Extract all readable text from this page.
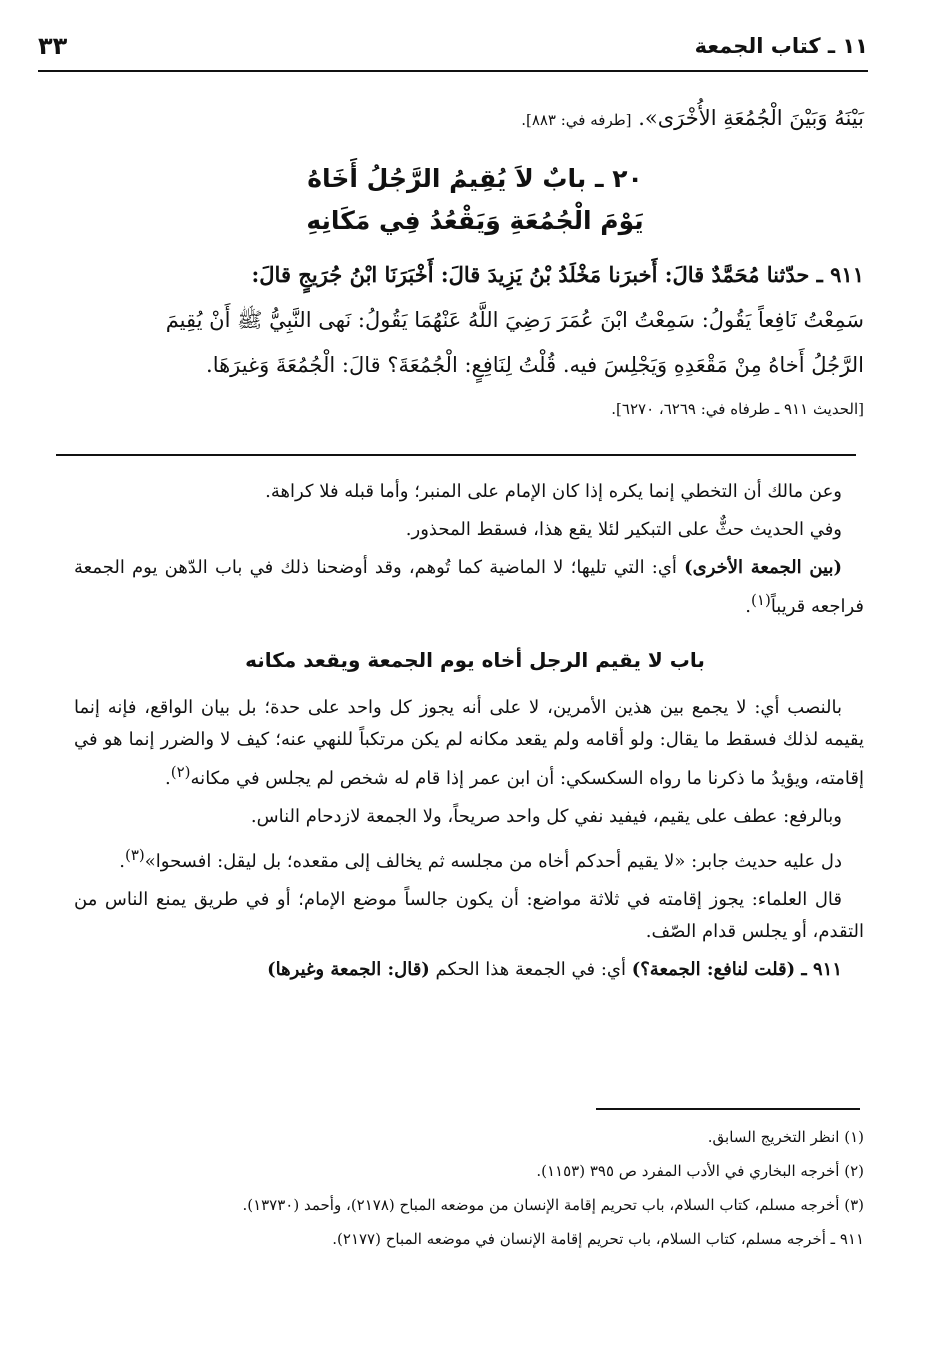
١١ ـ كتاب الجمعة
٣٣
بَيْنَهُ وَبَيْنَ الْجُمُعَةِ الأُخْرَى». [طرفه في: ٨٨٣].
٢٠ ـ بابٌ لاَ يُقِيمُ الرَّجُلُ أَخَاهُ
يَوْمَ الْجُمُعَةِ وَيَقْعُدُ فِي مَكَانِهِ
٩١١ ـ حدّثنا مُحَمَّدٌ قالَ: أَخبرَنا مَخْلَدُ بْنُ يَزِيدَ قالَ: أَخْبَرَنَا ابْنُ جُرَيجٍ قالَ:
سَمِعْتُ نَافِعاً يَقُولُ: سَمِعْتُ ابْنَ عُمَرَ رَضِيَ اللَّهُ عَنْهُمَا يَقُولُ: نَهى النَّبِيُّ ﷺ أَنْ يُقِيمَ
الرَّجُلُ أَخاهُ مِنْ مَقْعَدِهِ وَيَجْلِسَ فيه. قُلْتُ لِنَافِعٍ: الْجُمُعَةَ؟ قالَ: الْجُمُعَةَ وَغيرَهَا.
[الحديث ٩١١ ـ طرفاه في: ٦٢٦٩، ٦٢٧٠].

وعن مالك أن التخطي إنما يكره إذا كان الإمام على المنبر؛ وأما قبله فلا كراهة.

وفي الحديث حثٌّ على التبكير لئلا يقع هذا، فسقط المحذور.

(بين الجمعة الأخرى) أي: التي تليها؛ لا الماضية كما تُوهم، وقد أوضحنا ذلك في باب الدّهن يوم الجمعة فراجعه قريباً$^{(١)}$.

باب لا يقيم الرجل أخاه يوم الجمعة ويقعد مكانه

بالنصب أي: لا يجمع بين هذين الأمرين، لا على أنه يجوز كل واحد على حدة؛ بل بيان الواقع، فإنه إنما يقيمه لذلك فسقط ما يقال: ولو أقامه ولم يقعد مكانه لم يكن مرتكباً للنهي عنه؛ كيف لا والضرر إنما هو في إقامته، ويؤيدُ ما ذكرنا ما رواه السكسكي: أن ابن عمر إذا قام له شخص لم يجلس في مكانه$^{(٢)}$.

وبالرفع: عطف على يقيم، فيفيد نفي كل واحد صريحاً، ولا الجمعة لازدحام الناس.

دل عليه حديث جابر: «لا يقيم أحدكم أخاه من مجلسه ثم يخالف إلى مقعده؛ بل ليقل: افسحوا»$^{(٣)}$.

قال العلماء: يجوز إقامته في ثلاثة مواضع: أن يكون جالساً موضع الإمام؛ أو في طريق يمنع الناس من التقدم، أو يجلس قدام الصّف.

٩١١ ـ (قلت لنافع: الجمعة؟) أي: في الجمعة هذا الحكم (قال: الجمعة وغيرها)

(١) انظر التخريج السابق.
(٢) أخرجه البخاري في الأدب المفرد ص ٣٩٥ (١١٥٣).
(٣) أخرجه مسلم، كتاب السلام، باب تحريم إقامة الإنسان من موضعه المباح (٢١٧٨)، وأحمد (١٣٧٣٠).
٩١١ ـ أخرجه مسلم، كتاب السلام، باب تحريم إقامة الإنسان في موضعه المباح (٢١٧٧).
